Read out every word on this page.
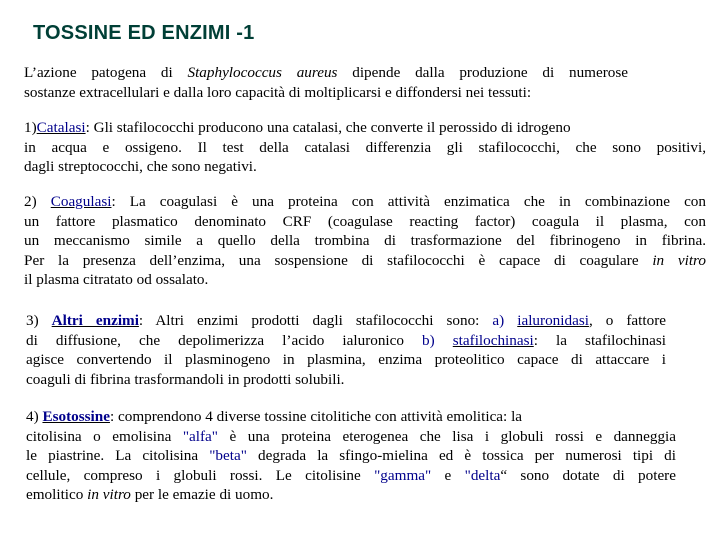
TOSSINE ED ENZIMI -1
L’azione patogena di Staphylococcus aureus dipende dalla produzione di numerose
sostanze extracellulari e dalla loro capacità di moltiplicarsi e diffondersi nei tessuti:
1)Catalasi: Gli stafilococchi producono una catalasi, che converte il perossido di idrogeno
in acqua e ossigeno. Il test della catalasi differenzia gli stafilococchi, che sono positivi,
dagli streptococchi, che sono negativi.
2) Coagulasi: La coagulasi è una proteina con attività enzimatica che in combinazione con
un fattore plasmatico denominato CRF (coagulase reacting factor) coagula il plasma, con
un meccanismo simile a quello della trombina di trasformazione del fibrinogeno in fibrina.
Per la presenza dell’enzima, una sospensione di stafilococchi è capace di coagulare in vitro
il plasma citratato od ossalato.
3) Altri enzimi: Altri enzimi prodotti dagli stafilococchi sono: a) ialuronidasi, o fattore
di diffusione, che depolimerizza l’acido ialuronico b) stafilochinasi: la stafilochinasi
agisce convertendo il plasminogeno in plasmina, enzima proteolitico capace di attaccare i
coaguli di fibrina trasformandoli in prodotti solubili.
4) Esotossine: comprendono 4 diverse tossine citolitiche con attività emolitica: la
citolisina o emolisina "alfa" è una proteina eterogenea che lisa i globuli rossi e danneggia
le piastrine. La citolisina "beta" degrada la sfingo-mielina ed è tossica per numerosi tipi di
cellule, compreso i globuli rossi. Le citolisine "gamma" e "delta“ sono dotate di potere
emolitico in vitro per le emazie di uomo.
